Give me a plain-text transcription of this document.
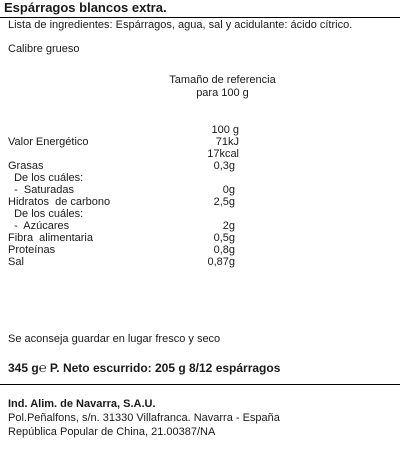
Espárragos blancos extra.
Lista de ingredientes: Espárragos, agua, sal y acidulante: ácido cítrico.
Calibre grueso
Tamaño de referencia
para 100 g
100 g
Valor Energético	71kJ
17kcal
Grasas	0,3g
De los cuáles:
-  Saturadas	0g
Hidratos  de carbono	2,5g
De los cuáles:
-  Azúcares	2g
Fibra  alimentaria	0,5g
Proteínas	0,8g
Sal	0,87g
Se aconseja guardar en lugar fresco y seco
345 g℮ P. Neto escurrido: 205 g 8/12 espárragos
Ind. Alim. de Navarra, S.A.U.
Pol.Peñalfons, s/n. 31330 Villafranca. Navarra - España
República Popular de China, 21.00387/NA
